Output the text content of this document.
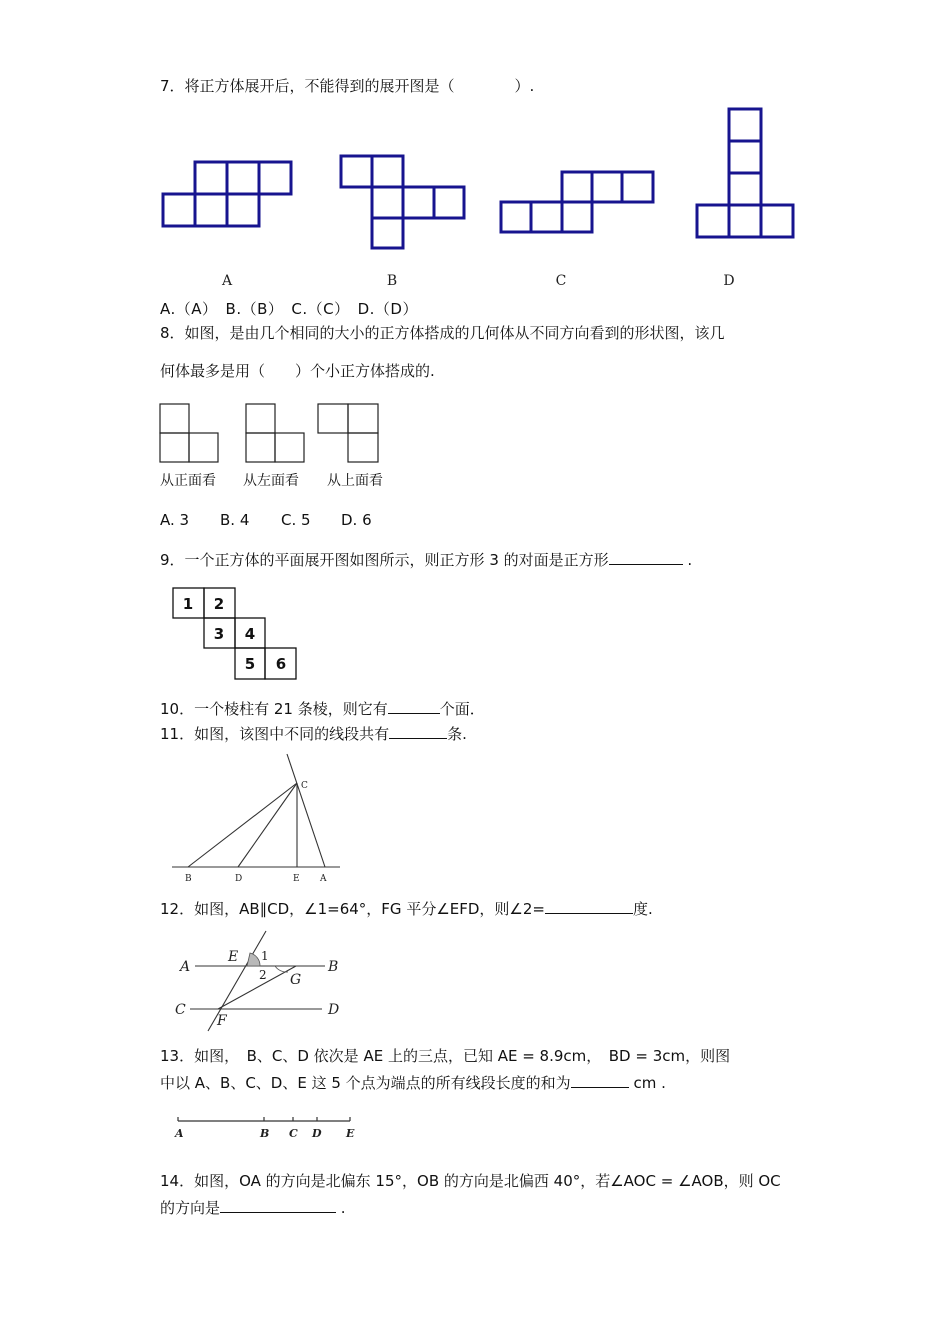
7．将正方体展开后，不能得到的展开图是（　　　　）.
A	B	C	D
A.（A）　B.（B）　C.（C）　D.（D）
8．如图，是由几个相同的大小的正方体搭成的几何体从不同方向看到的形状图，该几
何体最多是用（　　）个小正方体搭成的.
从正面看 从左面看 从上面看
A. 3 B. 4 C. 5 D. 6
9．一个正方体的平面展开图如图所示，则正方形 3 的对面是正方形	.
1 2
3 4
5 6
10．一个棱柱有 21 条棱，则它有	个面．
11．如图，该图中不同的线段共有	条.
C
B	D	E A
12．如图，AB∥CD，∠1=64°，FG 平分∠EFD，则∠2=	度.
A
E 1
B
2 G
C
F
D
13．如图，　B、C、D 依次是 AE 上的三点，已知 AE = 8.9cm，　BD = 3cm，则图
中以 A、B、C、D、E 这 5 个点为端点的所有线段长度的和为	cm .
A	B C D E
14．如图，OA 的方向是北偏东 15°，OB 的方向是北偏西 40°，若∠AOC = ∠AOB，则 OC
的方向是	.
